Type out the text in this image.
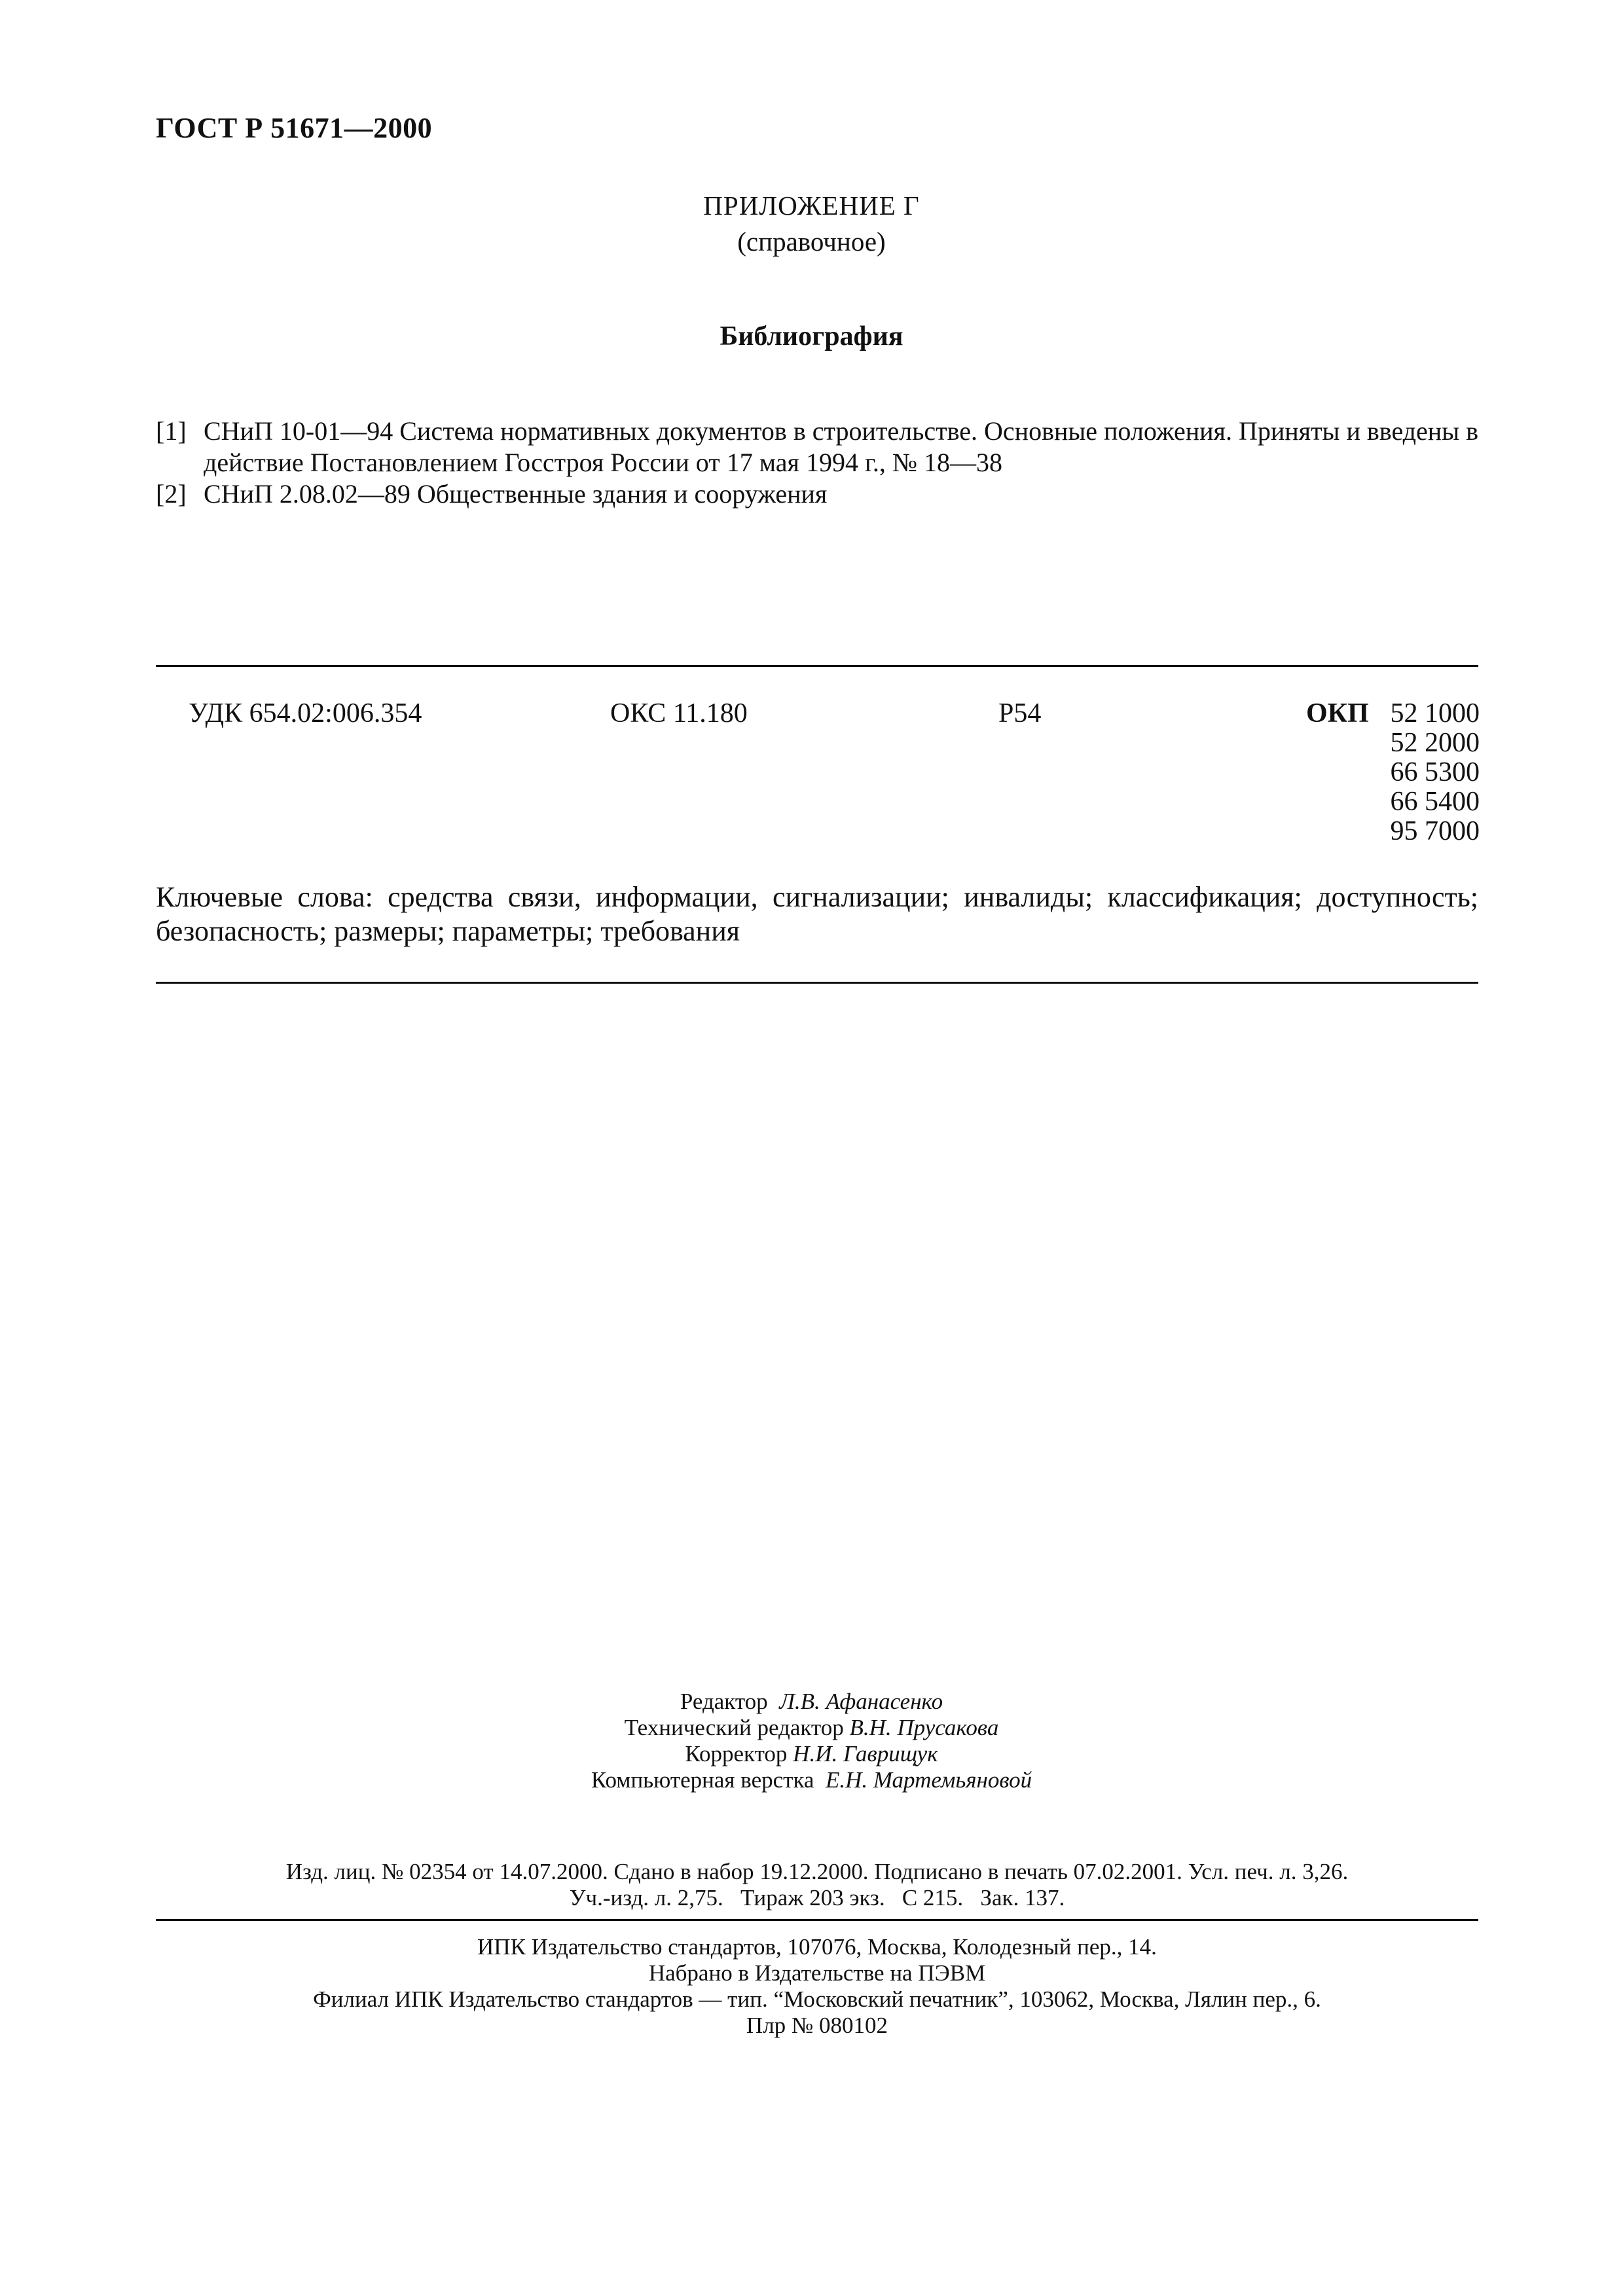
ГОСТ Р 51671—2000
ПРИЛОЖЕНИЕ Г
(справочное)
Библиография
[1] СНиП 10-01—94 Система нормативных документов в строительстве. Основные положения. Приняты и введены в действие Постановлением Госстроя России от 17 мая 1994 г., № 18—38
[2] СНиП 2.08.02—89 Общественные здания и сооружения
УДК 654.02:006.354	ОКС 11.180	Р54	ОКП 52 1000
52 2000
66 5300
66 5400
95 7000
Ключевые слова: средства связи, информации, сигнализации; инвалиды; классификация; доступность; безопасность; размеры; параметры; требования
Редактор Л.В. Афанасенко
Технический редактор В.Н. Прусакова
Корректор Н.И. Гаврищук
Компьютерная верстка Е.Н. Мартемьяновой
Изд. лиц. № 02354 от 14.07.2000. Сдано в набор 19.12.2000. Подписано в печать 07.02.2001. Усл. печ. л. 3,26.
Уч.-изд. л. 2,75.   Тираж 203 экз.   С 215.   Зак. 137.
ИПК Издательство стандартов, 107076, Москва, Колодезный пер., 14.
Набрано в Издательстве на ПЭВМ
Филиал ИПК Издательство стандартов — тип. “Московский печатник”, 103062, Москва, Лялин пер., 6.
Плр № 080102
